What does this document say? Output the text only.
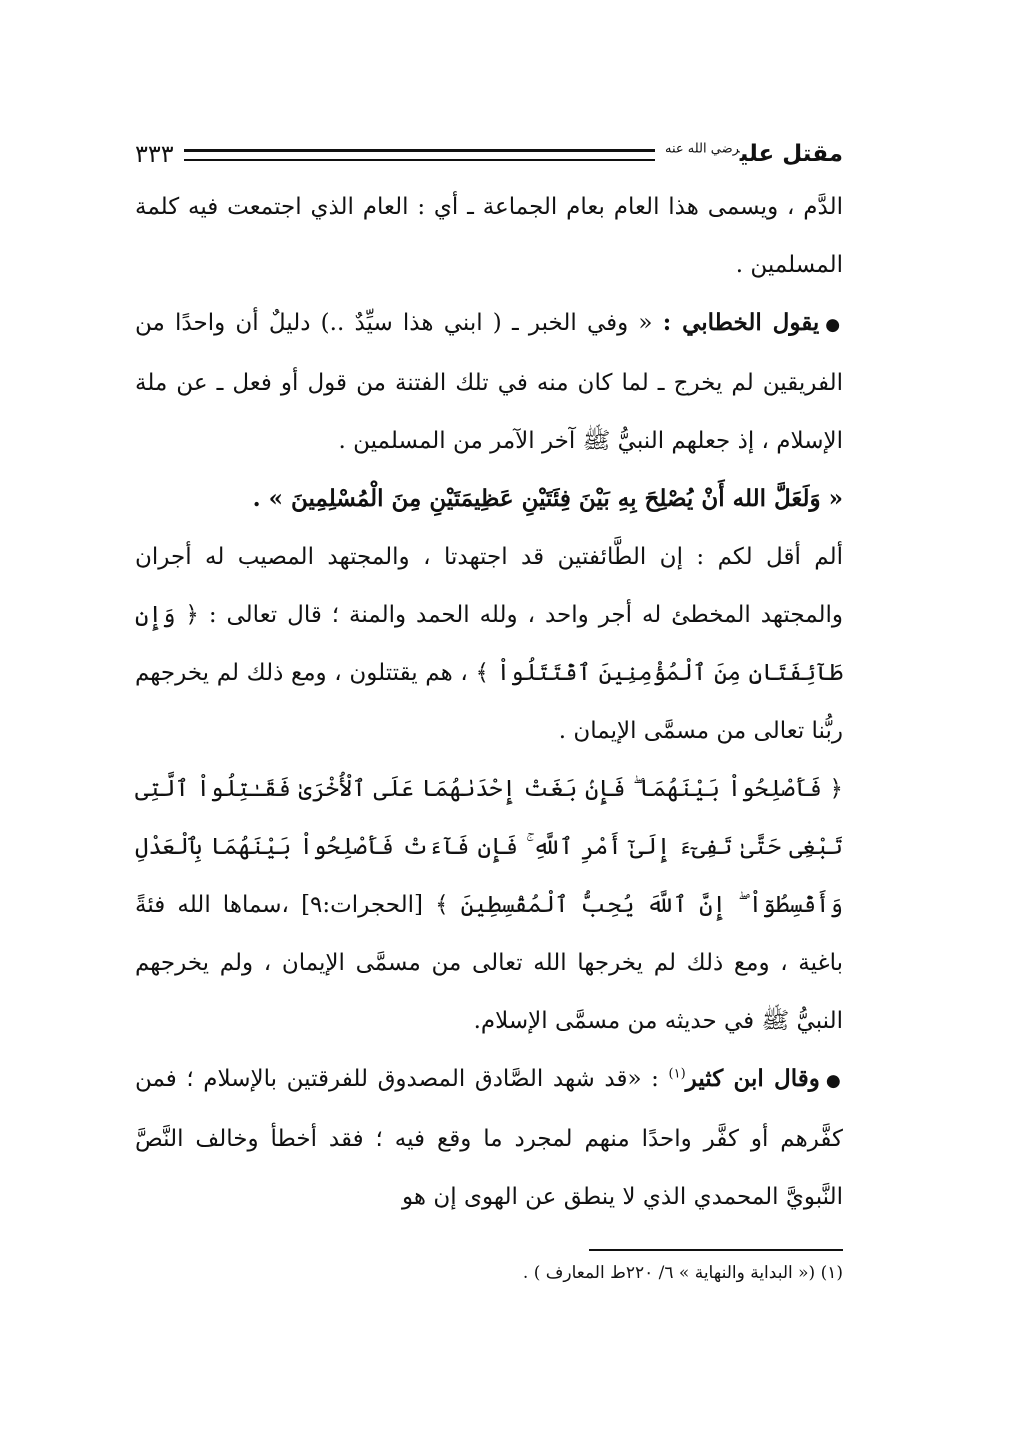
مقتل علي$^{رضي الله عنه}$
٣٣٣

الدَّم ، ويسمى هذا العام بعام الجماعة ـ أي : العام الذي اجتمعت فيه كلمة المسلمين .

●يقول الخطابي : « وفي الخبر ـ ( ابني هذا سيِّدٌ ..) دليلٌ أن واحدًا من الفريقين لم يخرج ـ لما كان منه في تلك الفتنة من قول أو فعل ـ عن ملة الإسلام ، إذ جعلهم النبيُّ ﷺ آخر الآمر من المسلمين .

« وَلَعَلَّ الله أَنْ يُصْلِحَ بِهِ بَيْنَ فِئَتَيْنِ عَظِيمَتَيْنِ مِنَ الْمُسْلِمِينَ » .

ألم أقل لكم : إن الطَّائفتين قد اجتهدتا ، والمجتهد المصيب له أجران والمجتهد المخطئ له أجر واحد ، ولله الحمد والمنة ؛ قال تعالى : ﴿ وَإِن طَآئِفَتَانِ مِنَ ٱلْمُؤْمِنِينَ ٱقْتَتَلُواْ ﴾ ، هم يقتتلون ، ومع ذلك لم يخرجهم ربُّنا تعالى من مسمَّى الإيمان .

﴿ فَأَصْلِحُواْ بَيْنَهُمَا ۖ فَإِنۢ بَغَتْ إِحْدَىٰهُمَا عَلَى ٱلْأُخْرَىٰ فَقَـٰتِلُواْ ٱلَّتِى تَبْغِى حَتَّىٰ تَفِىٓءَ إِلَىٰٓ أَمْرِ ٱللَّهِ ۚ فَإِن فَآءَتْ فَأَصْلِحُواْ بَيْنَهُمَا بِٱلْعَدْلِ وَأَقْسِطُوٓاْ ۖ إِنَّ ٱللَّهَ يُحِبُّ ٱلْمُقْسِطِينَ ﴾ [الحجرات:٩] ،سماها الله فئةً باغية ، ومع ذلك لم يخرجها الله تعالى من مسمَّى الإيمان ، ولم يخرجهم النبيُّ ﷺ في حديثه من مسمَّى الإسلام.

●وقال ابن كثير$^{(١)}$ : «قد شهد الصَّادق المصدوق للفرقتين بالإسلام ؛ فمن كفَّرهم أو كفَّر واحدًا منهم لمجرد ما وقع فيه ؛ فقد أخطأ وخالف النَّصَّ النَّبويَّ المحمدي الذي لا ينطق عن الهوى إن هو

(١) (« البداية والنهاية » ٦/ ٢٢٠ط المعارف ) .
